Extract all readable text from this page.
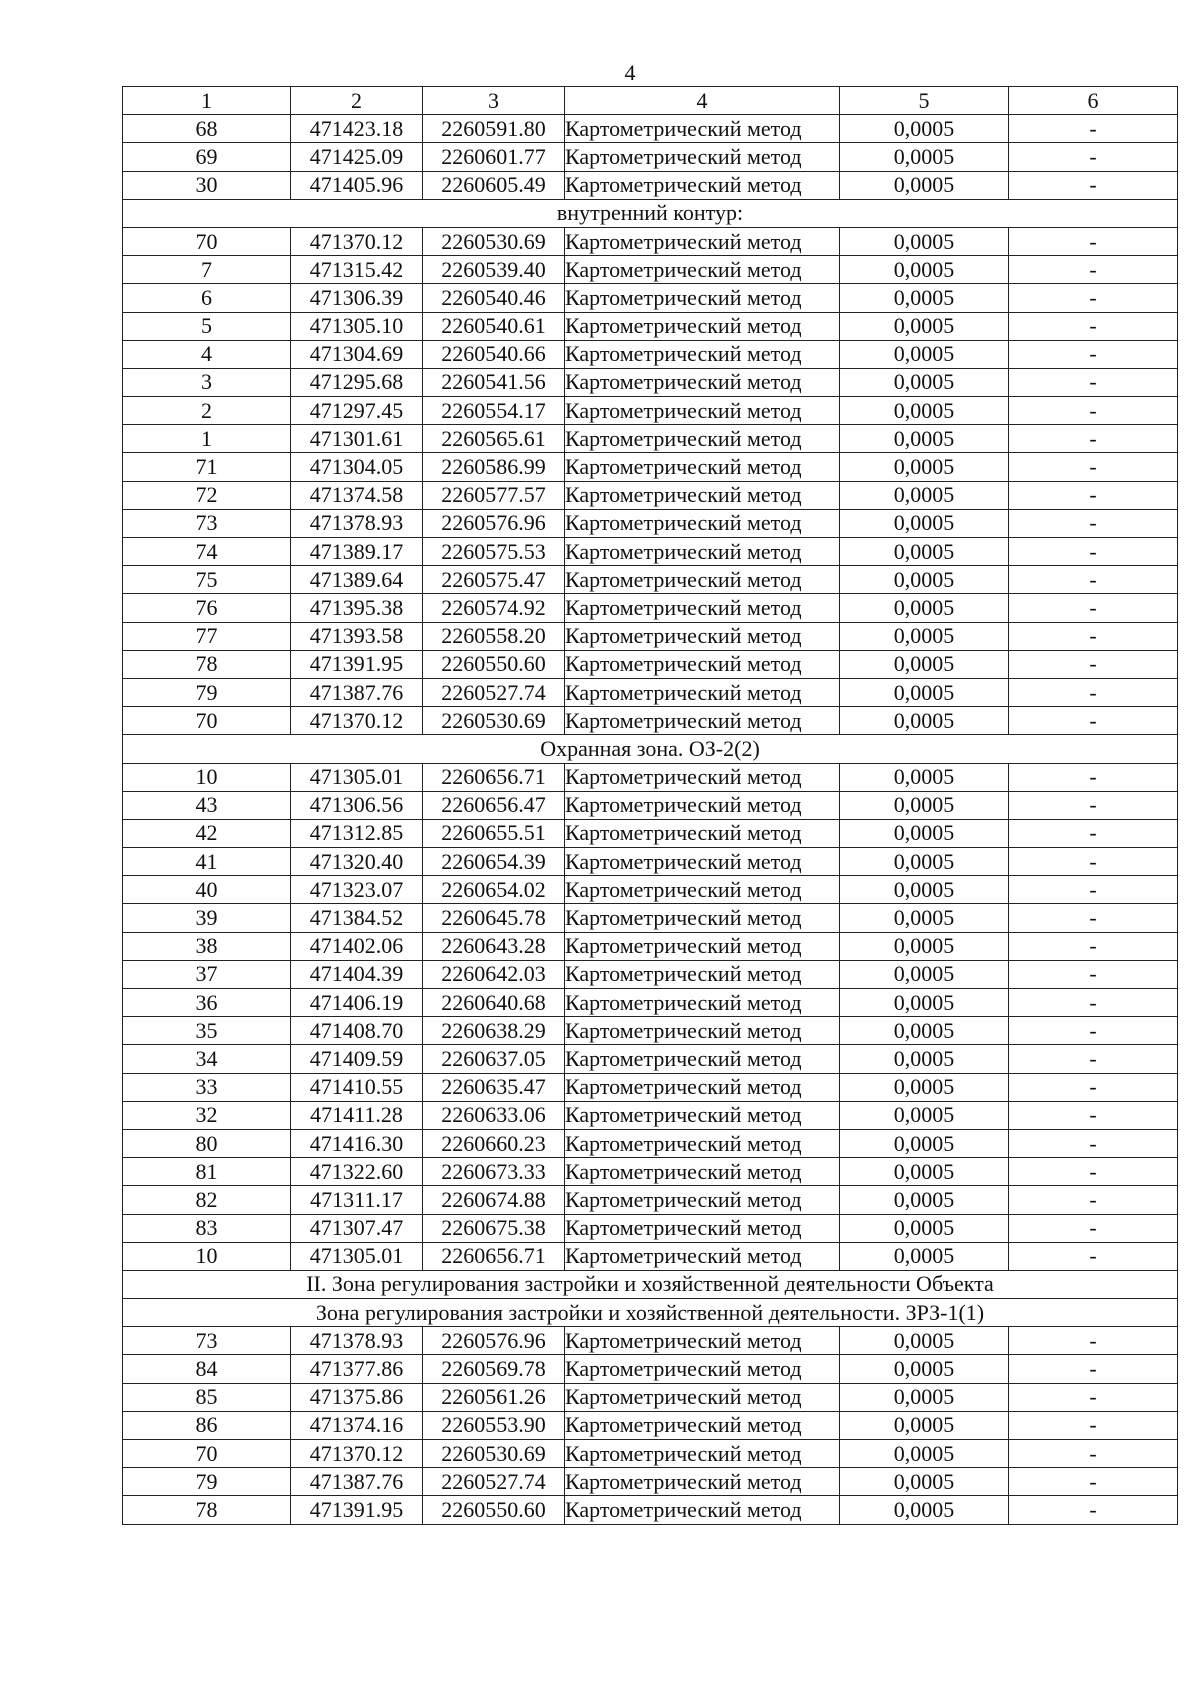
4
1	2	3	4	5	6
68	471423.18	2260591.80	Картометрический метод	0,0005	-
69	471425.09	2260601.77	Картометрический метод	0,0005	-
30	471405.96	2260605.49	Картометрический метод	0,0005	-
внутренний контур:					
70	471370.12	2260530.69	Картометрический метод	0,0005	-
7	471315.42	2260539.40	Картометрический метод	0,0005	-
6	471306.39	2260540.46	Картометрический метод	0,0005	-
5	471305.10	2260540.61	Картометрический метод	0,0005	-
4	471304.69	2260540.66	Картометрический метод	0,0005	-
3	471295.68	2260541.56	Картометрический метод	0,0005	-
2	471297.45	2260554.17	Картометрический метод	0,0005	-
1	471301.61	2260565.61	Картометрический метод	0,0005	-
71	471304.05	2260586.99	Картометрический метод	0,0005	-
72	471374.58	2260577.57	Картометрический метод	0,0005	-
73	471378.93	2260576.96	Картометрический метод	0,0005	-
74	471389.17	2260575.53	Картометрический метод	0,0005	-
75	471389.64	2260575.47	Картометрический метод	0,0005	-
76	471395.38	2260574.92	Картометрический метод	0,0005	-
77	471393.58	2260558.20	Картометрический метод	0,0005	-
78	471391.95	2260550.60	Картометрический метод	0,0005	-
79	471387.76	2260527.74	Картометрический метод	0,0005	-
70	471370.12	2260530.69	Картометрический метод	0,0005	-
Охранная зона. ОЗ-2(2)					
10	471305.01	2260656.71	Картометрический метод	0,0005	-
43	471306.56	2260656.47	Картометрический метод	0,0005	-
42	471312.85	2260655.51	Картометрический метод	0,0005	-
41	471320.40	2260654.39	Картометрический метод	0,0005	-
40	471323.07	2260654.02	Картометрический метод	0,0005	-
39	471384.52	2260645.78	Картометрический метод	0,0005	-
38	471402.06	2260643.28	Картометрический метод	0,0005	-
37	471404.39	2260642.03	Картометрический метод	0,0005	-
36	471406.19	2260640.68	Картометрический метод	0,0005	-
35	471408.70	2260638.29	Картометрический метод	0,0005	-
34	471409.59	2260637.05	Картометрический метод	0,0005	-
33	471410.55	2260635.47	Картометрический метод	0,0005	-
32	471411.28	2260633.06	Картометрический метод	0,0005	-
80	471416.30	2260660.23	Картометрический метод	0,0005	-
81	471322.60	2260673.33	Картометрический метод	0,0005	-
82	471311.17	2260674.88	Картометрический метод	0,0005	-
83	471307.47	2260675.38	Картометрический метод	0,0005	-
10	471305.01	2260656.71	Картометрический метод	0,0005	-
II. Зона регулирования застройки и хозяйственной деятельности Объекта					
Зона регулирования застройки и хозяйственной деятельности. ЗРЗ-1(1)					
73	471378.93	2260576.96	Картометрический метод	0,0005	-
84	471377.86	2260569.78	Картометрический метод	0,0005	-
85	471375.86	2260561.26	Картометрический метод	0,0005	-
86	471374.16	2260553.90	Картометрический метод	0,0005	-
70	471370.12	2260530.69	Картометрический метод	0,0005	-
79	471387.76	2260527.74	Картометрический метод	0,0005	-
78	471391.95	2260550.60	Картометрический метод	0,0005	-
